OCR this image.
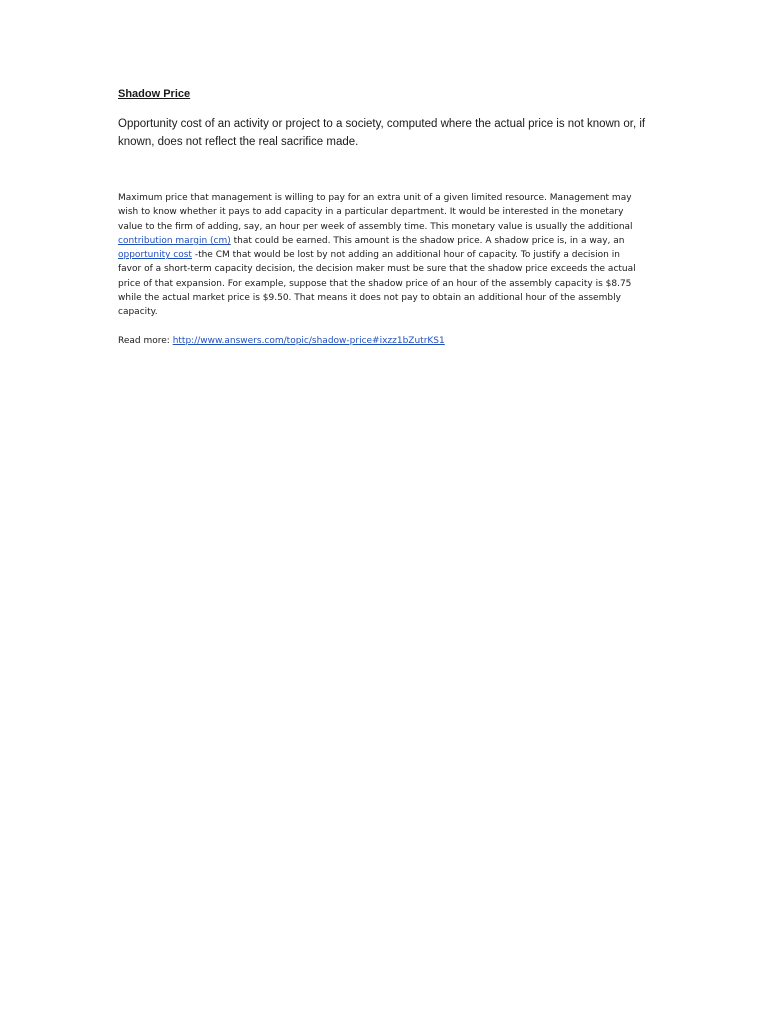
Shadow Price

Opportunity cost of an activity or project to a society, computed where the actual price is not known or, if known, does not reflect the real sacrifice made.

Maximum price that management is willing to pay for an extra unit of a given limited resource. Management may wish to know whether it pays to add capacity in a particular department. It would be interested in the monetary value to the firm of adding, say, an hour per week of assembly time. This monetary value is usually the additional contribution margin (cm) that could be earned. This amount is the shadow price. A shadow price is, in a way, an opportunity cost -the CM that would be lost by not adding an additional hour of capacity. To justify a decision in favor of a short-term capacity decision, the decision maker must be sure that the shadow price exceeds the actual price of that expansion. For example, suppose that the shadow price of an hour of the assembly capacity is $8.75 while the actual market price is $9.50. That means it does not pay to obtain an additional hour of the assembly capacity.

Read more: http://www.answers.com/topic/shadow-price#ixzz1bZutrKS1
